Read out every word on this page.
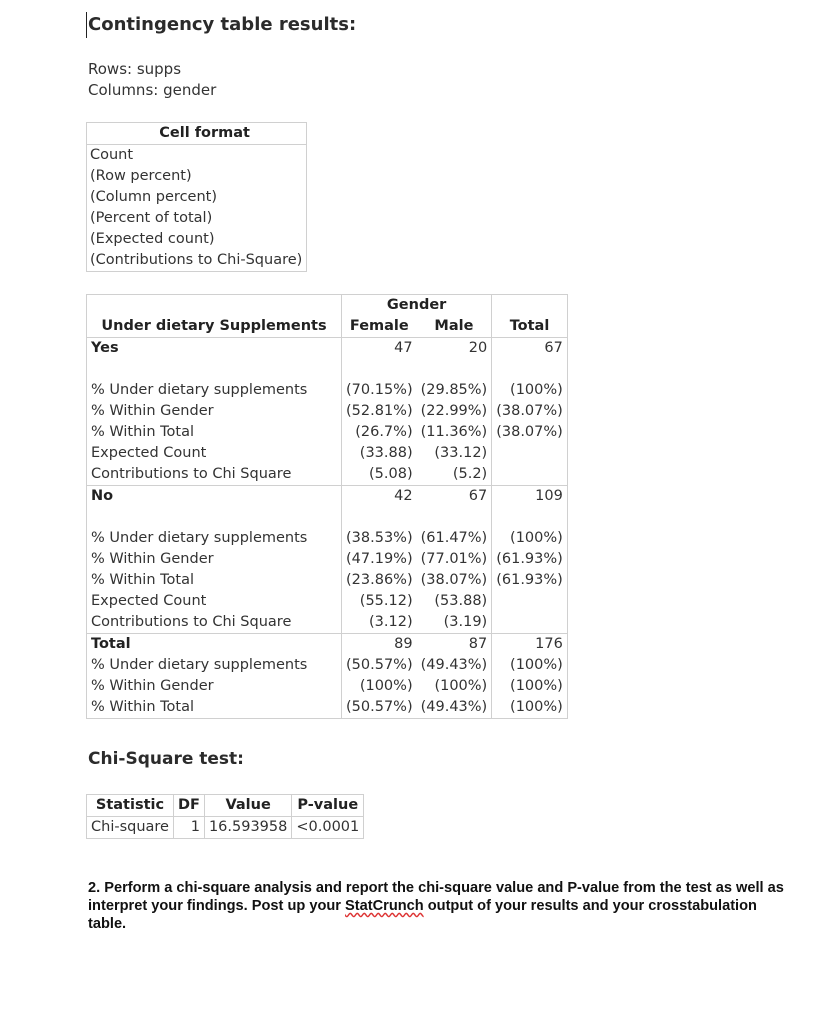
Contingency table results:
Rows: supps
Columns: gender
Cell format
Count
(Row percent)
(Column percent)
(Percent of total)
(Expected count)
(Contributions to Chi-Square)
	Gender		
Under dietary Supplements	Female	Male	Total
Yes	47	20	67

% Under dietary supplements	(70.15%)	(29.85%)	(100%)
% Within Gender	(52.81%)	(22.99%)	(38.07%)
% Within Total	(26.7%)	(11.36%)	(38.07%)
Expected Count	(33.88)	(33.12)	
Contributions to Chi Square	(5.08)	(5.2)	
No	42	67	109

% Under dietary supplements	(38.53%)	(61.47%)	(100%)
% Within Gender	(47.19%)	(77.01%)	(61.93%)
% Within Total	(23.86%)	(38.07%)	(61.93%)
Expected Count	(55.12)	(53.88)	
Contributions to Chi Square	(3.12)	(3.19)	
Total	89	87	176
% Under dietary supplements	(50.57%)	(49.43%)	(100%)
% Within Gender	(100%)	(100%)	(100%)
% Within Total	(50.57%)	(49.43%)	(100%)
Chi-Square test:
Statistic	DF	Value	P-value
Chi-square	1	16.593958	<0.0001
2. Perform a chi-square analysis and report the chi-square value and P-value from the test as well as interpret your findings. Post up your StatCrunch output of your results and your crosstabulation table.
